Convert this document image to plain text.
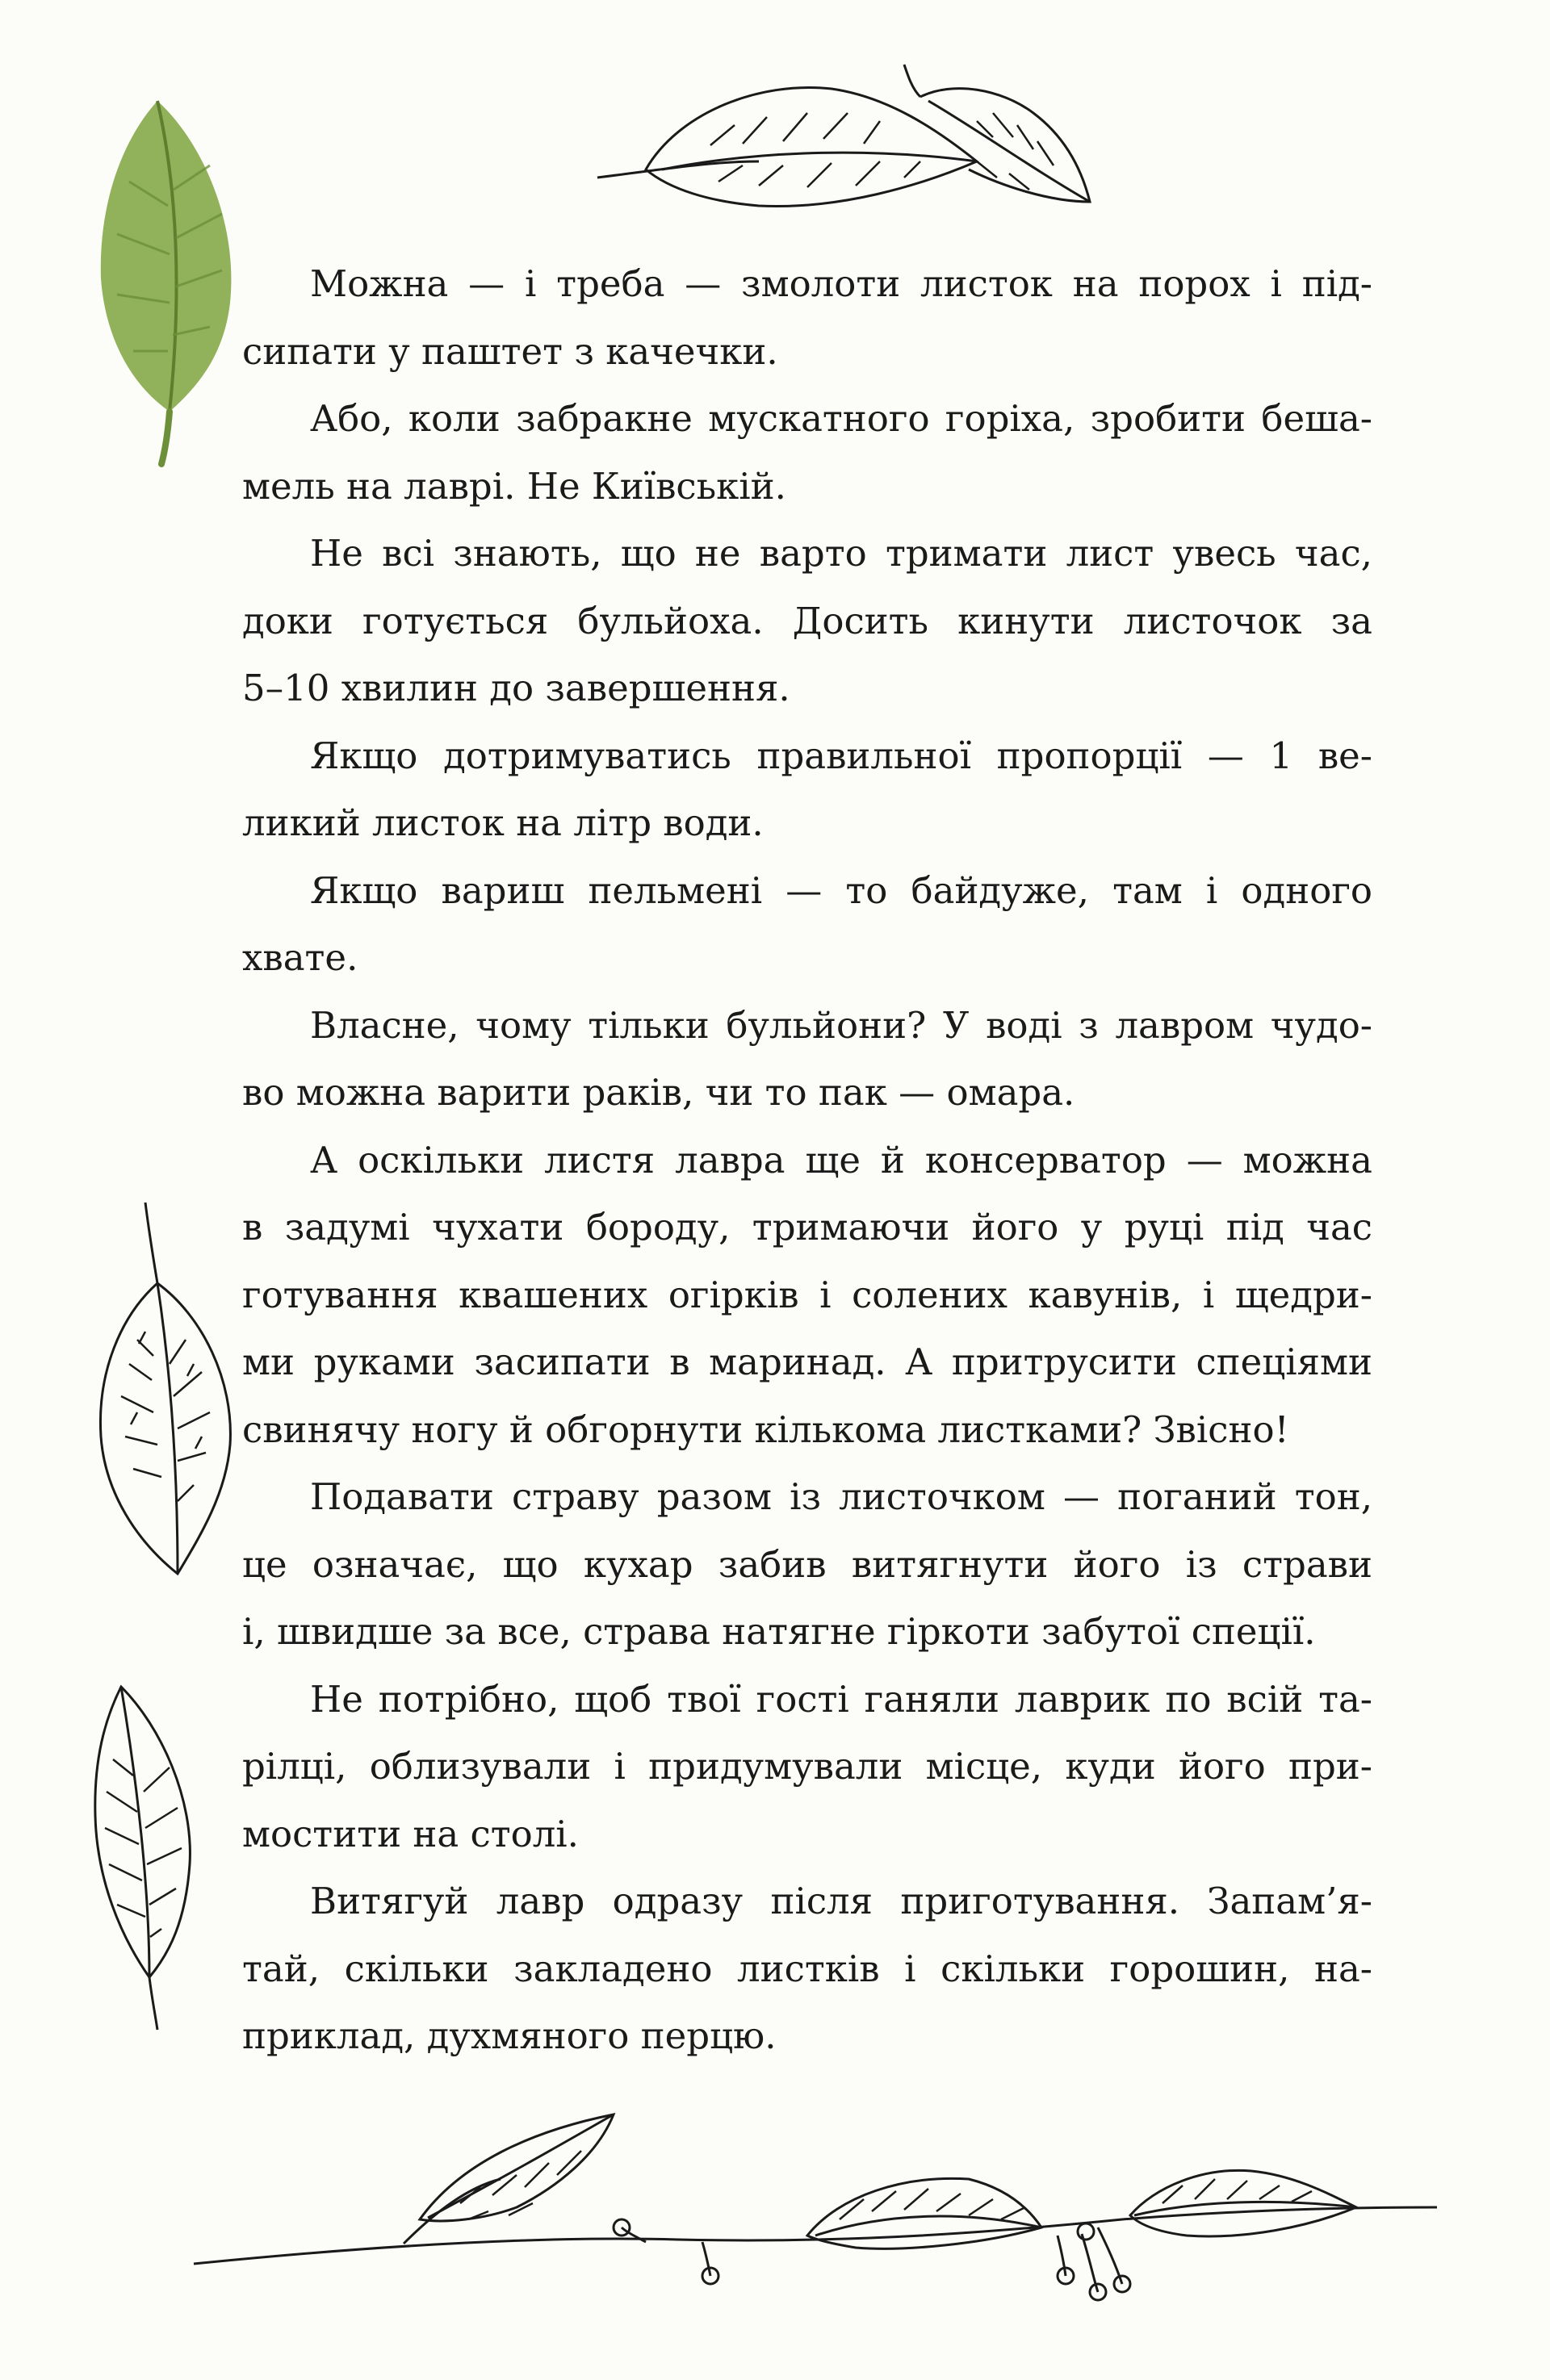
Можна — і треба — змолоти листок на порох і під-
сипати у паштет з качечки.

Або, коли забракне мускатного горіха, зробити беша-
мель на лаврі. Не Київській.

Не всі знають, що не варто тримати лист увесь час,
доки готується бульйоха. Досить кинути листочок за
5–10 хвилин до завершення.

Якщо дотримуватись правильної пропорції — 1 ве-
ликий листок на літр води.

Якщо вариш пельмені — то байдуже, там і одного
хвате.

Власне, чому тільки бульйони? У воді з лавром чудо-
во можна варити раків, чи то пак — омара.

А оскільки листя лавра ще й консерватор — можна
в задумі чухати бороду, тримаючи його у руці під час
готування квашених огірків і солених кавунів, і щедри-
ми руками засипати в маринад. А притрусити спеціями
свинячу ногу й обгорнути кількома листками? Звісно!

Подавати страву разом із листочком — поганий тон,
це означає, що кухар забив витягнути його із страви
і, швидше за все, страва натягне гіркоти забутої спеції.

Не потрібно, щоб твої гості ганяли лаврик по всій та-
рілці, облизували і придумували місце, куди його при-
мостити на столі.

Витягуй лавр одразу після приготування. Запам’я-
тай, скільки закладено листків і скільки горошин, на-
приклад, духмяного перцю.
